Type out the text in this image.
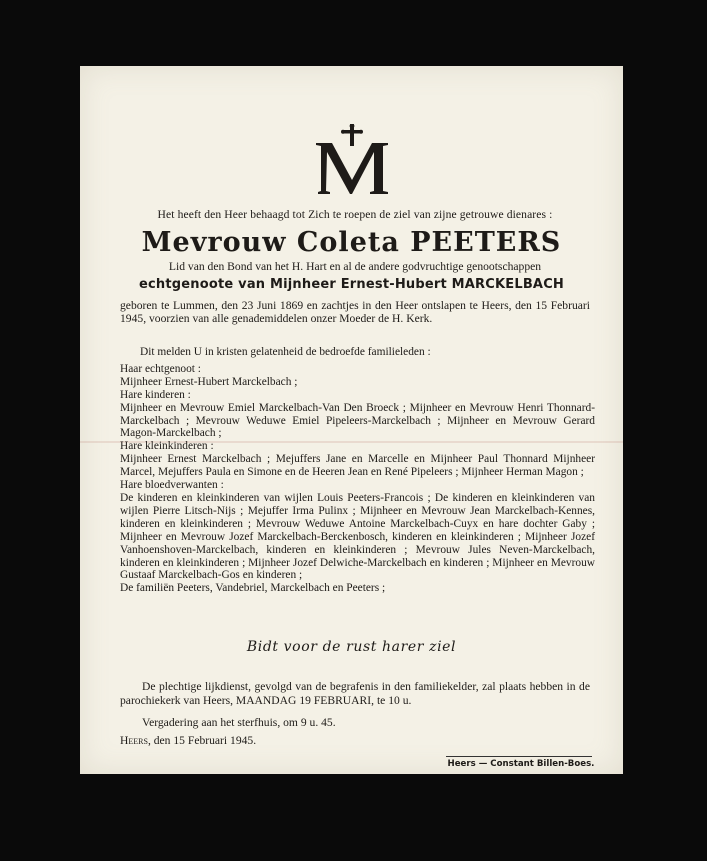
Het heeft den Heer behaagd tot Zich te roepen de ziel van zijne getrouwe dienares :
Mevrouw Coleta PEETERS
Lid van den Bond van het H. Hart en al de andere godvruchtige genootschappen
echtgenoote van Mijnheer Ernest-Hubert MARCKELBACH
geboren te Lummen, den 23 Juni 1869 en zachtjes in den Heer ontslapen te Heers, den 15 Februari 1945, voorzien van alle genademiddelen onzer Moeder de H. Kerk.

Dit melden U in kristen gelatenheid de bedroefde familieleden :

Haar echtgenoot :

Mijnheer Ernest-Hubert Marckelbach ;

Hare kinderen :

Mijnheer en Mevrouw Emiel Marckelbach-Van Den Broeck ; Mijnheer en Mevrouw Henri Thonnard-Marckelbach ; Mevrouw Weduwe Emiel Pipeleers-Marckelbach ; Mijnheer en Mevrouw Gerard Magon-Marckelbach ;

Hare kleinkinderen :

Mijnheer Ernest Marckelbach ; Mejuffers Jane en Marcelle en Mijnheer Paul Thonnard Mijnheer Marcel, Mejuffers Paula en Simone en de Heeren Jean en René Pipeleers ; Mijnheer Herman Magon ;

Hare bloedverwanten :

De kinderen en kleinkinderen van wijlen Louis Peeters-Francois ; De kinderen en kleinkinderen van wijlen Pierre Litsch-Nijs ; Mejuffer Irma Pulinx ; Mijnheer en Mevrouw Jean Marckelbach-Kennes, kinderen en kleinkinderen ; Mevrouw Weduwe Antoine Marckelbach-Cuyx en hare dochter Gaby ; Mijnheer en Mevrouw Jozef Marckelbach-Berckenbosch, kinderen en kleinkinderen ; Mijnheer Jozef Vanhoenshoven-Marckelbach, kinderen en kleinkinderen ; Mevrouw Jules Neven-Marckelbach, kinderen en kleinkinderen ; Mijnheer Jozef Delwiche-Marckelbach en kinderen ; Mijnheer en Mevrouw Gustaaf Marckelbach-Gos en kinderen ;

De familiën Peeters, Vandebriel, Marckelbach en Peeters ;

Bidt voor de rust harer ziel
De plechtige lijkdienst, gevolgd van de begrafenis in den familiekelder, zal plaats hebben in de parochiekerk van Heers, MAANDAG 19 FEBRUARI, te 10 u.
Vergadering aan het sterfhuis, om 9 u. 45.
Heers, den 15 Februari 1945.
Heers — Constant Billen-Boes.
